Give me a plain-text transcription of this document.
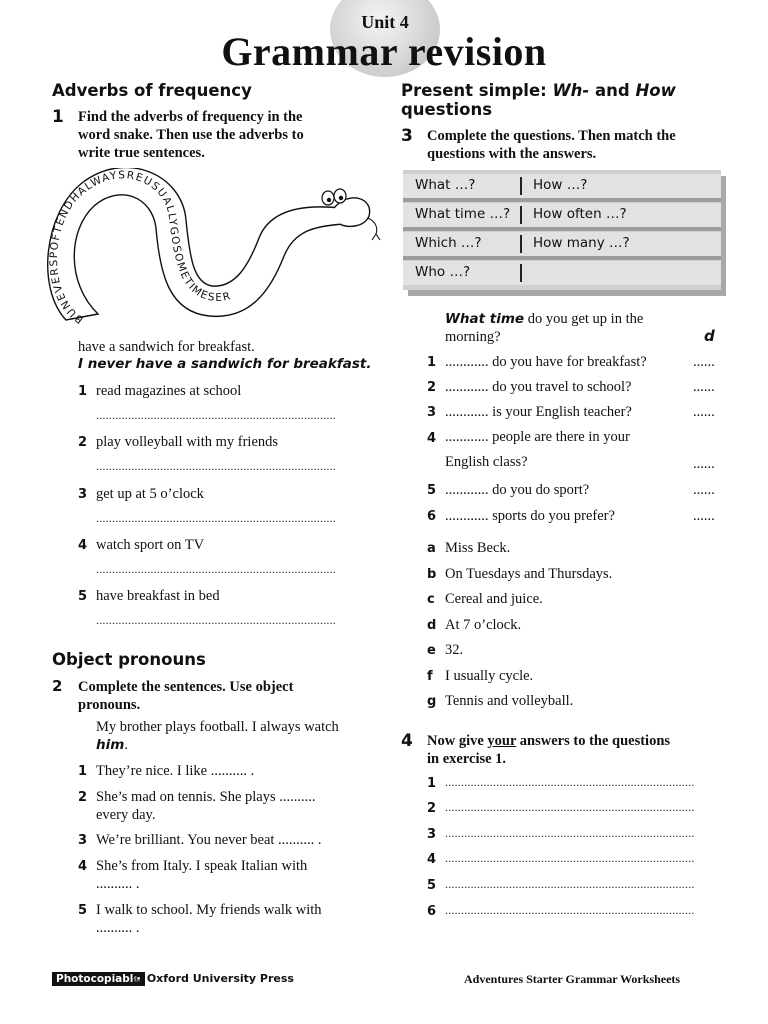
Unit 4
Grammar revision
Adverbs of frequency
1 Find the adverbs of frequency in the
word snake. Then use the adverbs to
write true sentences.
BUNEVERSPOFTENDHALWAYSREUSUALLYGOSOMETIMESER
have a sandwich for breakfast.
I never have a sandwich for breakfast.
1 read magazines at school
...........................................................................
2 play volleyball with my friends
...........................................................................
3 get up at 5 o’clock
...........................................................................
4 watch sport on TV
...........................................................................
5 have breakfast in bed
...........................................................................
Object pronouns
2 Complete the sentences. Use object
pronouns.
My brother plays football. I always watch
him.
1 They’re nice. I like .......... .
2 She’s mad on tennis. She plays ..........
every day.
3 We’re brilliant. You never beat .......... .
4 She’s from Italy. I speak Italian with
.......... .
5 I walk to school. My friends walk with
.......... .
Present simple: Wh- and How
questions
3 Complete the questions. Then match the
questions with the answers.
What …?	How …?
What time …? How often …?
Which …?	How many …?
Who …?
What time do you get up in the
morning?	d
1 ............ do you have for breakfast?	......
2 ............ do you travel to school?	......
3 ............ is your English teacher?	......
4 ............ people are there in your
English class?	......
5 ............ do you do sport?	......
6 ............ sports do you prefer?	......
a Miss Beck.
b On Tuesdays and Thursdays.
c Cereal and juice.
d At 7 o’clock.
e 32.
f I usually cycle.
g Tennis and volleyball.
4 Now give your answers to the questions
in exercise 1.
1 ..............................................................................
2 ..............................................................................
3 ..............................................................................
4 ..............................................................................
5 ..............................................................................
6 ..............................................................................
Photocopiable
© Oxford University Press	Adventures Starter Grammar Worksheets
